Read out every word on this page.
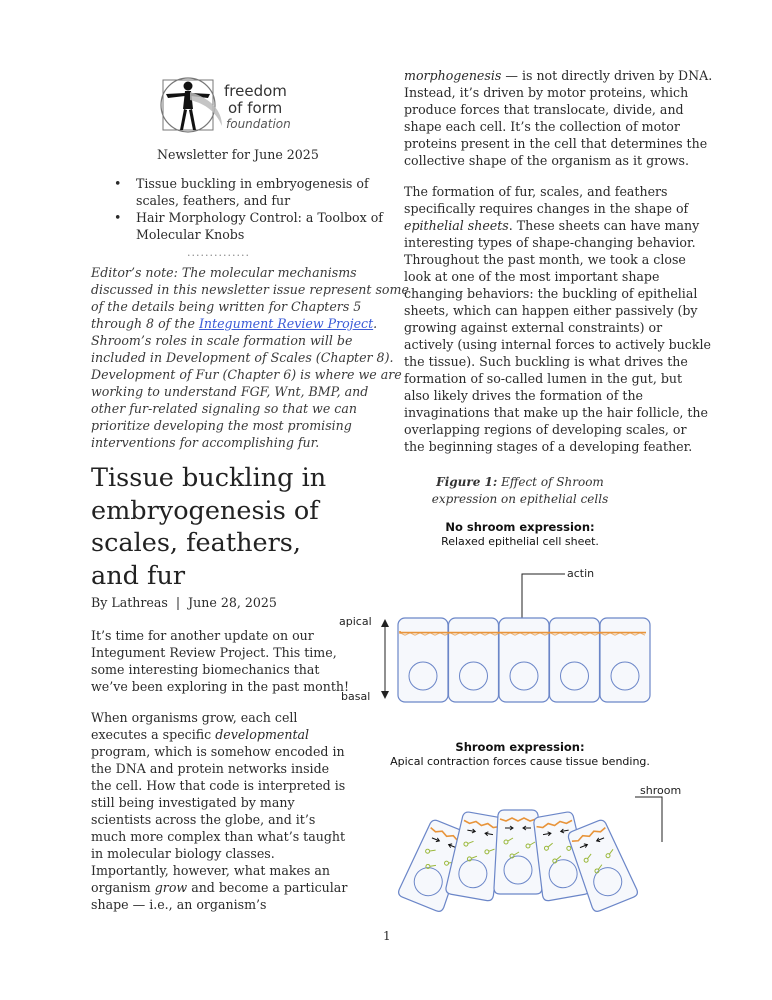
freedom
of form
foundation
Newsletter for June 2025
• Tissue buckling in embryogenesis of
scales, feathers, and fur
• Hair Morphology Control: a Toolbox of
Molecular Knobs
..............
Editor’s note: The molecular mechanisms
discussed in this newsletter issue represent some
of the details being written for Chapters 5
through 8 of the Integument Review Project.
Shroom’s roles in scale formation will be
included in Development of Scales (Chapter 8).
Development of Fur (Chapter 6) is where we are
working to understand FGF, Wnt, BMP, and
other fur-related signaling so that we can
prioritize developing the most promising
interventions for accomplishing fur.
Tissue buckling in
embryogenesis of
scales, feathers,
and fur
By Lathreas  |  June 28, 2025
It’s time for another update on our
Integument Review Project. This time,
some interesting biomechanics that
we’ve been exploring in the past month!
When organisms grow, each cell
executes a specific developmental
program, which is somehow encoded in
the DNA and protein networks inside
the cell. How that code is interpreted is
still being investigated by many
scientists across the globe, and it’s
much more complex than what’s taught
in molecular biology classes.
Importantly, however, what makes an
organism grow and become a particular
shape — i.e., an organism’s
morphogenesis — is not directly driven by DNA.
Instead, it’s driven by motor proteins, which
produce forces that translocate, divide, and
shape each cell. It’s the collection of motor
proteins present in the cell that determines the
collective shape of the organism as it grows.
The formation of fur, scales, and feathers
specifically requires changes in the shape of
epithelial sheets. These sheets can have many
interesting types of shape-changing behavior.
Throughout the past month, we took a close
look at one of the most important shape
changing behaviors: the buckling of epithelial
sheets, which can happen either passively (by
growing against external constraints) or
actively (using internal forces to actively buckle
the tissue). Such buckling is what drives the
formation of so-called lumen in the gut, but
also likely drives the formation of the
invaginations that make up the hair follicle, the
overlapping regions of developing scales, or
the beginning stages of a developing feather.
Figure 1: Effect of Shroom
expression on epithelial cells
No shroom expression:
Relaxed epithelial cell sheet.
actin
apical
basal
Shroom expression:
Apical contraction forces cause tissue bending.
shroom
1
